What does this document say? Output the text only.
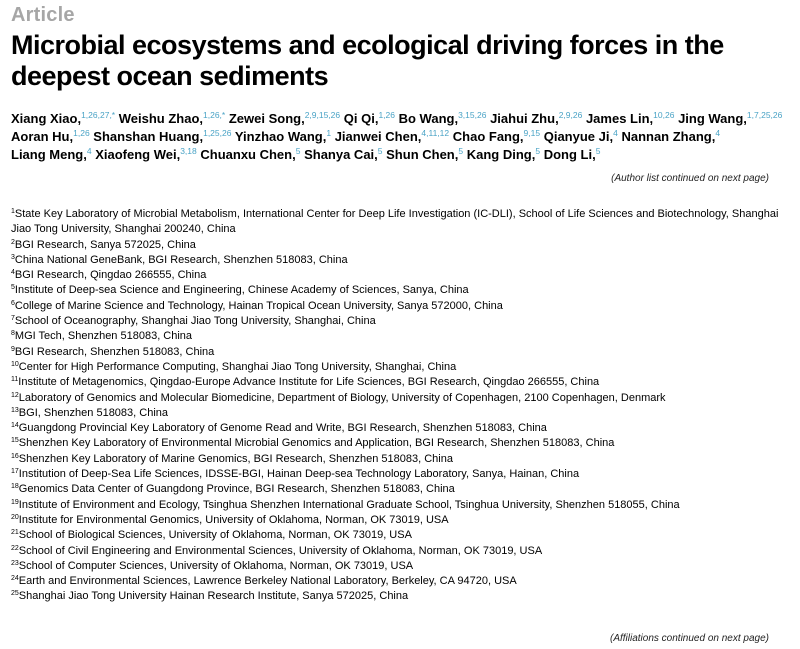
Article
Microbial ecosystems and ecological driving forces in the deepest ocean sediments
Xiang Xiao,$^{1,26,27,*}$ Weishu Zhao,$^{1,26,*}$ Zewei Song,$^{2,9,15,26}$ Qi Qi,$^{1,26}$ Bo Wang,$^{3,15,26}$ Jiahui Zhu,$^{2,9,26}$ James Lin,$^{10,26}$ Jing Wang,$^{1,7,25,26}$ Aoran Hu,$^{1,26}$ Shanshan Huang,$^{1,25,26}$ Yinzhao Wang,$^1$ Jianwei Chen,$^{4,11,12}$ Chao Fang,$^{9,15}$ Qianyue Ji,$^4$ Nannan Zhang,$^4$ Liang Meng,$^4$ Xiaofeng Wei,$^{3,18}$ Chuanxu Chen,$^5$ Shanya Cai,$^5$ Shun Chen,$^5$ Kang Ding,$^5$ Dong Li,$^5$
(Author list continued on next page)
$^1$State Key Laboratory of Microbial Metabolism, International Center for Deep Life Investigation (IC-DLI), School of Life Sciences and Biotechnology, Shanghai Jiao Tong University, Shanghai 200240, China
$^2$BGI Research, Sanya 572025, China
$^3$China National GeneBank, BGI Research, Shenzhen 518083, China
$^4$BGI Research, Qingdao 266555, China
$^5$Institute of Deep-sea Science and Engineering, Chinese Academy of Sciences, Sanya, China
$^6$College of Marine Science and Technology, Hainan Tropical Ocean University, Sanya 572000, China
$^7$School of Oceanography, Shanghai Jiao Tong University, Shanghai, China
$^8$MGI Tech, Shenzhen 518083, China
$^9$BGI Research, Shenzhen 518083, China
$^{10}$Center for High Performance Computing, Shanghai Jiao Tong University, Shanghai, China
$^{11}$Institute of Metagenomics, Qingdao-Europe Advance Institute for Life Sciences, BGI Research, Qingdao 266555, China
$^{12}$Laboratory of Genomics and Molecular Biomedicine, Department of Biology, University of Copenhagen, 2100 Copenhagen, Denmark
$^{13}$BGI, Shenzhen 518083, China
$^{14}$Guangdong Provincial Key Laboratory of Genome Read and Write, BGI Research, Shenzhen 518083, China
$^{15}$Shenzhen Key Laboratory of Environmental Microbial Genomics and Application, BGI Research, Shenzhen 518083, China
$^{16}$Shenzhen Key Laboratory of Marine Genomics, BGI Research, Shenzhen 518083, China
$^{17}$Institution of Deep-Sea Life Sciences, IDSSE-BGI, Hainan Deep-sea Technology Laboratory, Sanya, Hainan, China
$^{18}$Genomics Data Center of Guangdong Province, BGI Research, Shenzhen 518083, China
$^{19}$Institute of Environment and Ecology, Tsinghua Shenzhen International Graduate School, Tsinghua University, Shenzhen 518055, China
$^{20}$Institute for Environmental Genomics, University of Oklahoma, Norman, OK 73019, USA
$^{21}$School of Biological Sciences, University of Oklahoma, Norman, OK 73019, USA
$^{22}$School of Civil Engineering and Environmental Sciences, University of Oklahoma, Norman, OK 73019, USA
$^{23}$School of Computer Sciences, University of Oklahoma, Norman, OK 73019, USA
$^{24}$Earth and Environmental Sciences, Lawrence Berkeley National Laboratory, Berkeley, CA 94720, USA
$^{25}$Shanghai Jiao Tong University Hainan Research Institute, Sanya 572025, China
(Affiliations continued on next page)
